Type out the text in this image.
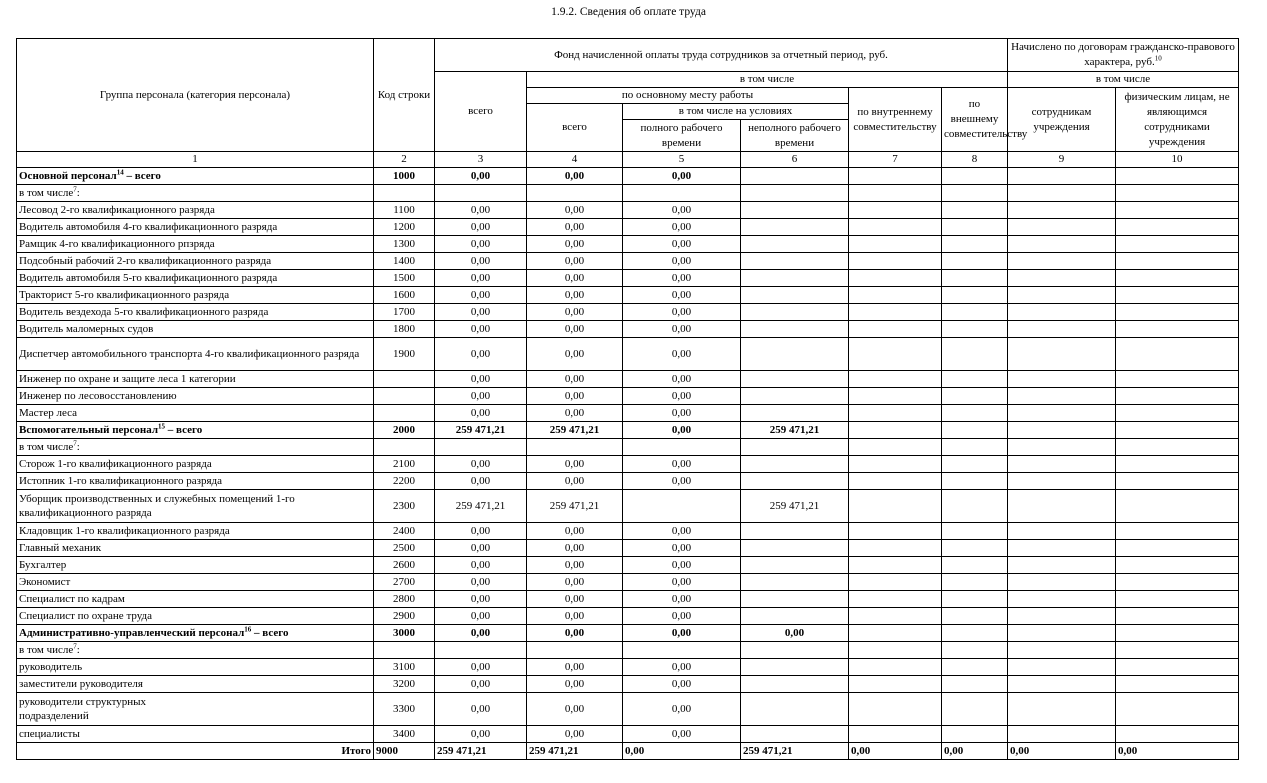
1.9.2. Сведения об оплате труда
Группа персонала (категория персонала)	Код строки	Фонд начисленной оплаты труда сотрудников за отчетный период, руб.						Начислено по договорам гражданско-правового характера, руб.$^{10}$
		всего	в том числе					в том числе	
			по основному месту работы			по внутреннему совместительству	по внешнему совместительству	сотрудникам учреждения	физическим лицам, не являющимся сотрудниками учреждения
			всего	в том числе на условиях					
				полного рабочего времени	неполного рабочего времени				
1	2	3	4	5	6	7	8	9	10
Основной персонал$^{14}$ – всего	1000	0,00	0,00	0,00					
в том числе$^7$:									
Лесовод 2-го квалификационного разряда	1100	0,00	0,00	0,00					
Водитель автомобиля 4-го квалификационного разряда	1200	0,00	0,00	0,00					
Рамщик 4-го квалификационного рпзряда	1300	0,00	0,00	0,00					
Подсобный рабочий 2-го квалификационного разряда	1400	0,00	0,00	0,00					
Водитель автомобиля 5-го квалификационного разряда	1500	0,00	0,00	0,00					
Тракторист 5-го квалификационного разряда	1600	0,00	0,00	0,00					
Водитель вездехода 5-го квалификационного разряда	1700	0,00	0,00	0,00					
Водитель маломерных судов	1800	0,00	0,00	0,00					
Диспетчер автомобильного транспорта 4-го квалификационного разряда	1900	0,00	0,00	0,00					
Инженер по охране и защите леса 1 категории		0,00	0,00	0,00					
Инженер по лесовосстановлению		0,00	0,00	0,00					
Мастер леса		0,00	0,00	0,00					
Вспомогательный персонал$^{15}$ – всего	2000	259 471,21	259 471,21	0,00	259 471,21				
в том числе$^7$:									
Сторож 1-го квалификационного разряда	2100	0,00	0,00	0,00					
Истопник 1-го квалификационного разряда	2200	0,00	0,00	0,00					
Уборщик производственных и служебных помещений 1-го квалификационного разряда	2300	259 471,21	259 471,21		259 471,21				
Кладовщик 1-го квалификационного разряда	2400	0,00	0,00	0,00					
Главный механик	2500	0,00	0,00	0,00					
Бухгалтер	2600	0,00	0,00	0,00					
Экономист	2700	0,00	0,00	0,00					
Специалист по кадрам	2800	0,00	0,00	0,00					
Специалист по охране труда	2900	0,00	0,00	0,00					
Административно-управленческий персонал$^{16}$ – всего	3000	0,00	0,00	0,00	0,00				
в том числе$^7$:									
руководитель	3100	0,00	0,00	0,00					
заместители руководителя	3200	0,00	0,00	0,00					
руководители структурных подразделений	3300	0,00	0,00	0,00					
специалисты	3400	0,00	0,00	0,00					
Итого	9000	259 471,21	259 471,21	0,00	259 471,21	0,00	0,00	0,00	0,00
